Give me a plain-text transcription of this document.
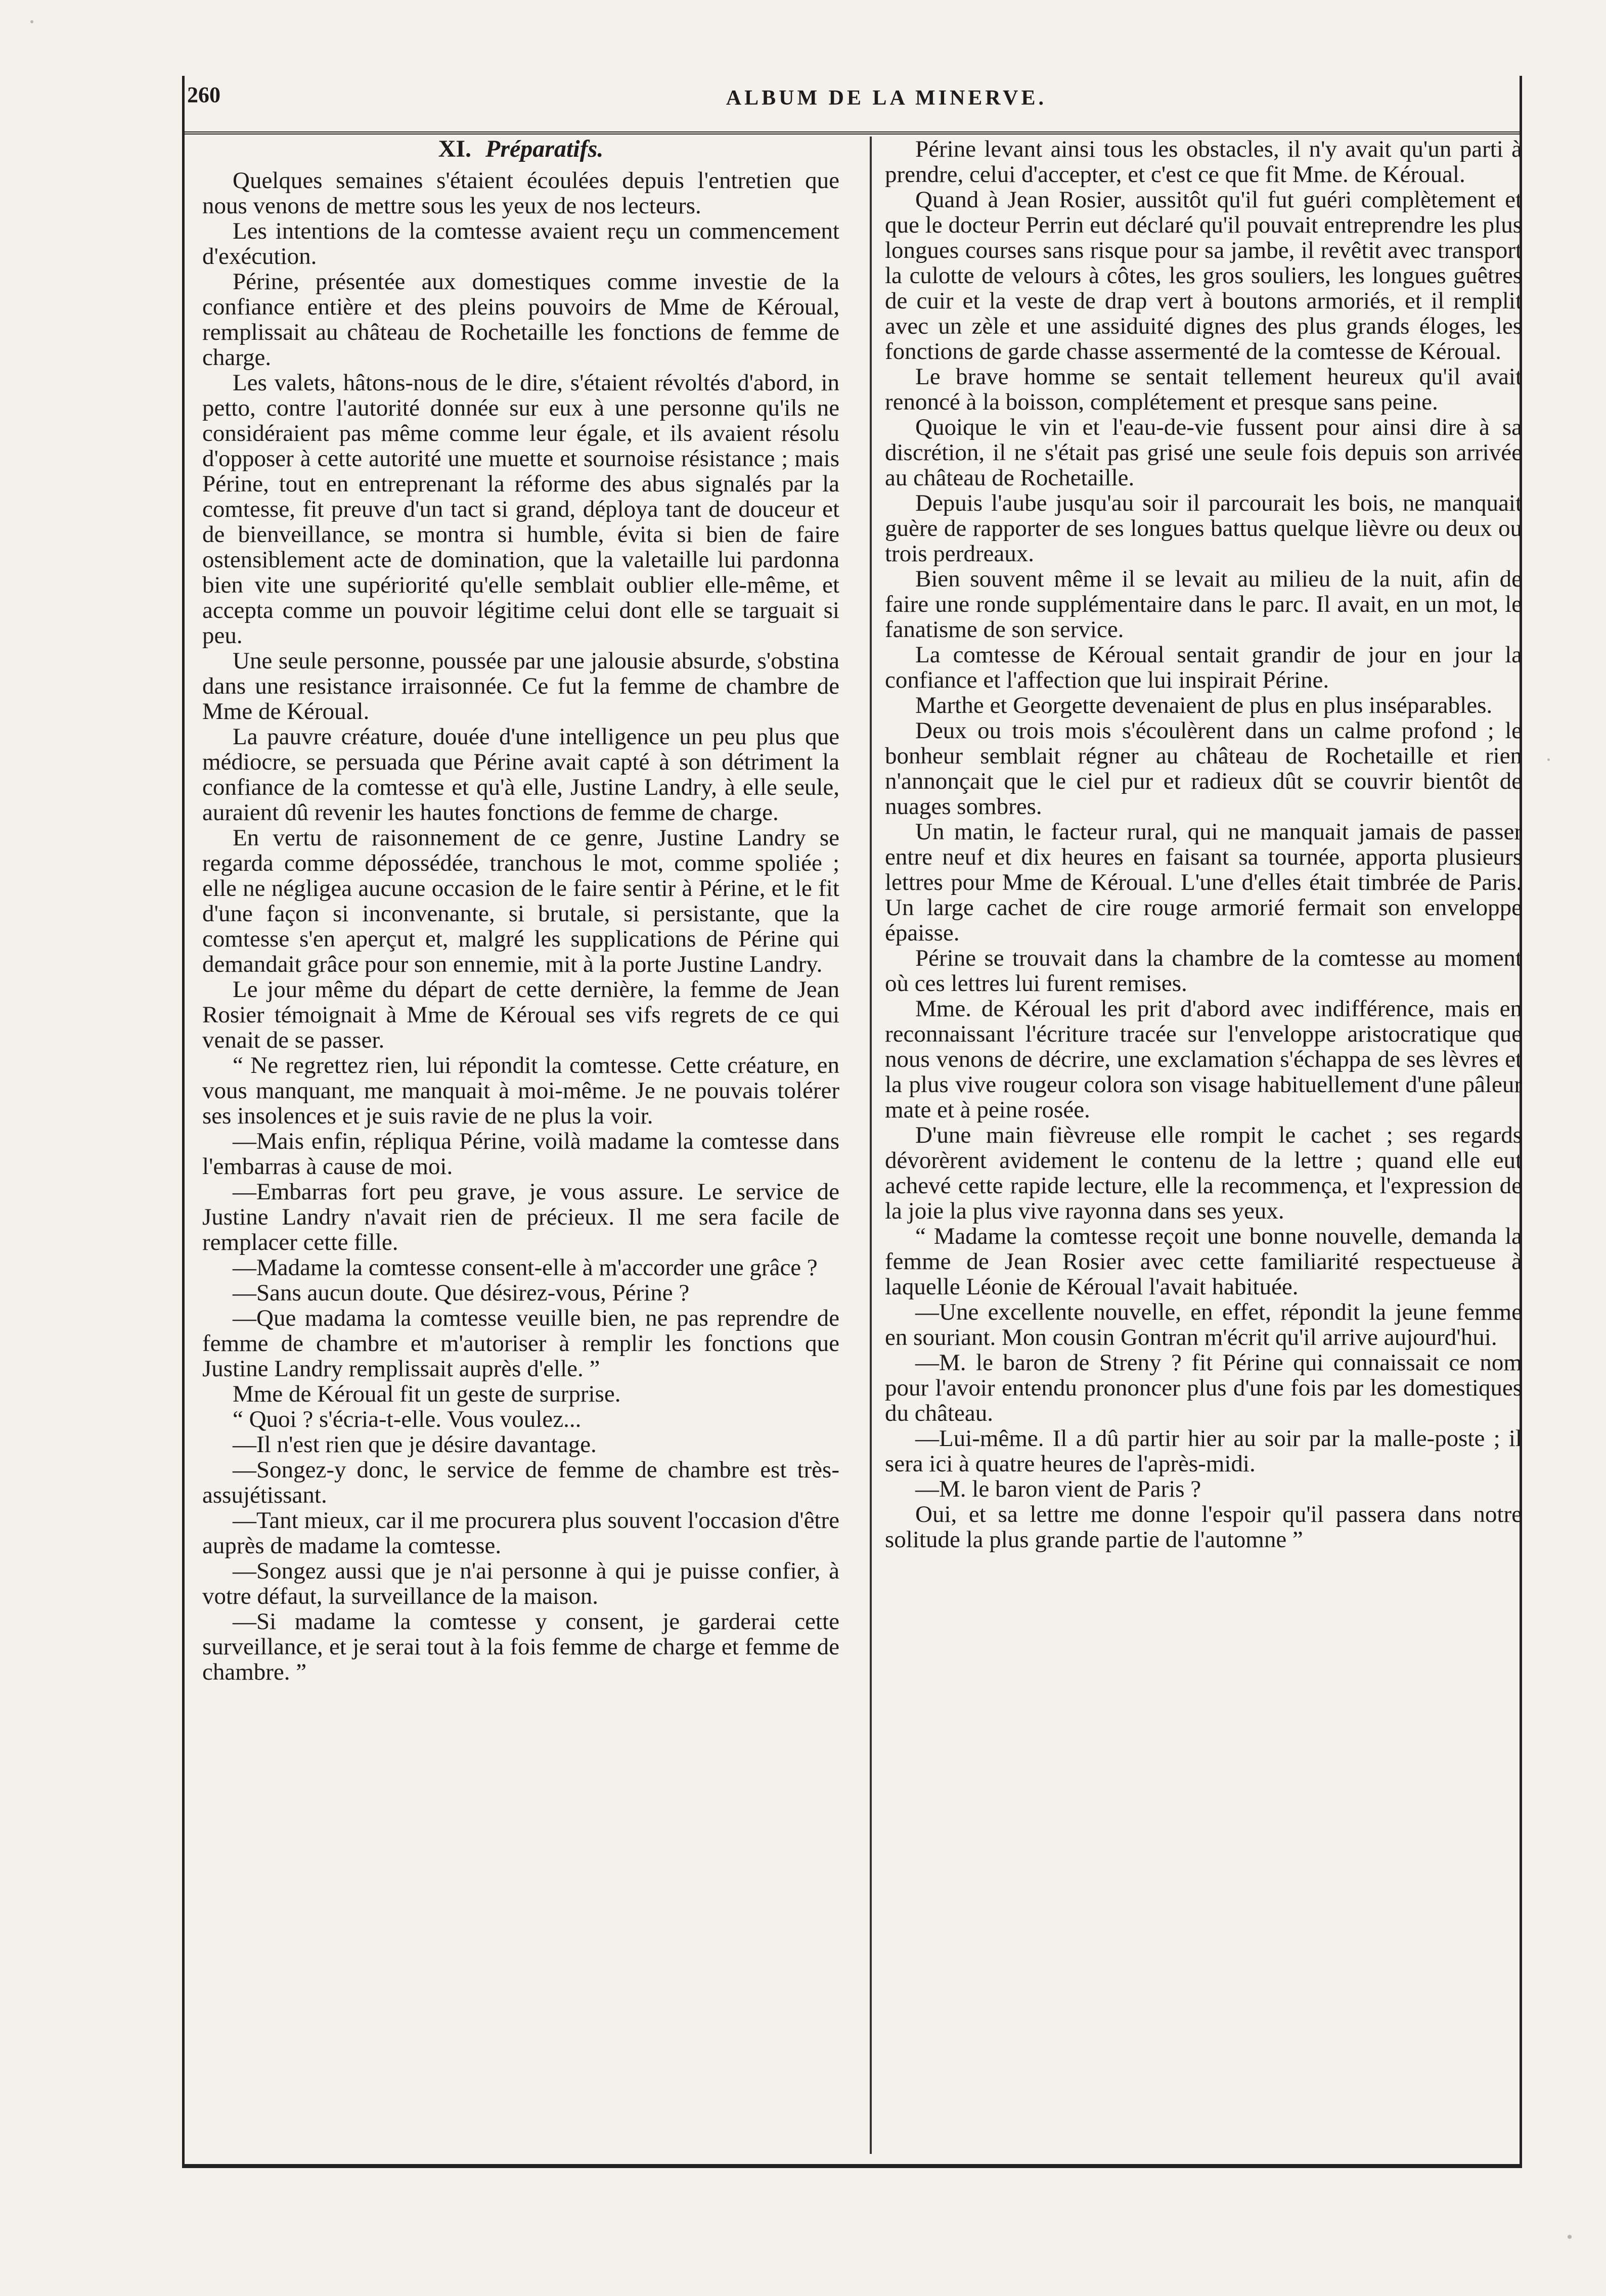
260	ALBUM DE LA MINERVE.
XI. Préparatifs.

Quelques semaines s'étaient écoulées depuis l'entretien que nous venons de mettre sous les yeux de nos lecteurs.

Les intentions de la comtesse avaient reçu un commencement d'exécution.

Périne, présentée aux domestiques comme investie de la confiance entière et des pleins pouvoirs de Mme de Kéroual, remplissait au château de Rochetaille les fonctions de femme de charge.

Les valets, hâtons-nous de le dire, s'étaient révoltés d'abord, in petto, contre l'autorité donnée sur eux à une personne qu'ils ne considéraient pas même comme leur égale, et ils avaient résolu d'opposer à cette autorité une muette et sournoise résistance ; mais Périne, tout en entreprenant la réforme des abus signalés par la comtesse, fit preuve d'un tact si grand, déploya tant de douceur et de bienveillance, se montra si humble, évita si bien de faire ostensiblement acte de domination, que la valetaille lui pardonna bien vite une supériorité qu'elle semblait oublier elle-même, et accepta comme un pouvoir légitime celui dont elle se targuait si peu.

Une seule personne, poussée par une jalousie absurde, s'obstina dans une resistance irraisonnée. Ce fut la femme de chambre de Mme de Kéroual.

La pauvre créature, douée d'une intelligence un peu plus que médiocre, se persuada que Périne avait capté à son détriment la confiance de la comtesse et qu'à elle, Justine Landry, à elle seule, auraient dû revenir les hautes fonctions de femme de charge.

En vertu de raisonnement de ce genre, Justine Landry se regarda comme dépossédée, tranchous le mot, comme spoliée ; elle ne négligea aucune occasion de le faire sentir à Périne, et le fit d'une façon si inconvenante, si brutale, si persistante, que la comtesse s'en aperçut et, malgré les supplications de Périne qui demandait grâce pour son ennemie, mit à la porte Justine Landry.

Le jour même du départ de cette dernière, la femme de Jean Rosier témoignait à Mme de Kéroual ses vifs regrets de ce qui venait de se passer.

“ Ne regrettez rien, lui répondit la comtesse. Cette créature, en vous manquant, me manquait à moi-même. Je ne pouvais tolérer ses insolences et je suis ravie de ne plus la voir.

—Mais enfin, répliqua Périne, voilà madame la comtesse dans l'embarras à cause de moi.

—Embarras fort peu grave, je vous assure. Le service de Justine Landry n'avait rien de précieux. Il me sera facile de remplacer cette fille.

—Madame la comtesse consent-elle à m'accorder une grâce ?

—Sans aucun doute. Que désirez-vous, Périne ?

—Que madama la comtesse veuille bien, ne pas reprendre de femme de chambre et m'autoriser à remplir les fonctions que Justine Landry remplissait auprès d'elle. ”

Mme de Kéroual fit un geste de surprise.

“ Quoi ? s'écria-t-elle. Vous voulez...

—Il n'est rien que je désire davantage.

—Songez-y donc, le service de femme de chambre est très-assujétissant.

—Tant mieux, car il me procurera plus souvent l'occasion d'être auprès de madame la comtesse.

—Songez aussi que je n'ai personne à qui je puisse confier, à votre défaut, la surveillance de la maison.

—Si madame la comtesse y consent, je garderai cette surveillance, et je serai tout à la fois femme de charge et femme de chambre. ”

Périne levant ainsi tous les obstacles, il n'y avait qu'un parti à prendre, celui d'accepter, et c'est ce que fit Mme. de Kéroual.

Quand à Jean Rosier, aussitôt qu'il fut guéri complètement et que le docteur Perrin eut déclaré qu'il pouvait entreprendre les plus longues courses sans risque pour sa jambe, il revêtit avec transport la culotte de velours à côtes, les gros souliers, les longues guêtres de cuir et la veste de drap vert à boutons armoriés, et il remplit avec un zèle et une assiduité dignes des plus grands éloges, les fonctions de garde chasse assermenté de la comtesse de Kéroual.

Le brave homme se sentait tellement heureux qu'il avait renoncé à la boisson, complétement et presque sans peine.

Quoique le vin et l'eau-de-vie fussent pour ainsi dire à sa discrétion, il ne s'était pas grisé une seule fois depuis son arrivée au château de Rochetaille.

Depuis l'aube jusqu'au soir il parcourait les bois, ne manquait guère de rapporter de ses longues battus quelque lièvre ou deux ou trois perdreaux.

Bien souvent même il se levait au milieu de la nuit, afin de faire une ronde supplémentaire dans le parc. Il avait, en un mot, le fanatisme de son service.

La comtesse de Kéroual sentait grandir de jour en jour la confiance et l'affection que lui inspirait Périne.

Marthe et Georgette devenaient de plus en plus inséparables.

Deux ou trois mois s'écoulèrent dans un calme profond ; le bonheur semblait régner au château de Rochetaille et rien n'annonçait que le ciel pur et radieux dût se couvrir bientôt de nuages sombres.

Un matin, le facteur rural, qui ne manquait jamais de passer entre neuf et dix heures en faisant sa tournée, apporta plusieurs lettres pour Mme de Kéroual. L'une d'elles était timbrée de Paris. Un large cachet de cire rouge armorié fermait son enveloppe épaisse.

Périne se trouvait dans la chambre de la comtesse au moment où ces lettres lui furent remises.

Mme. de Kéroual les prit d'abord avec indifférence, mais en reconnaissant l'écriture tracée sur l'enveloppe aristocratique que nous venons de décrire, une exclamation s'échappa de ses lèvres et la plus vive rougeur colora son visage habituellement d'une pâleur mate et à peine rosée.

D'une main fièvreuse elle rompit le cachet ; ses regards dévorèrent avidement le contenu de la lettre ; quand elle eut achevé cette rapide lecture, elle la recommença, et l'expression de la joie la plus vive rayonna dans ses yeux.

“ Madame la comtesse reçoit une bonne nouvelle, demanda la femme de Jean Rosier avec cette familiarité respectueuse à laquelle Léonie de Kéroual l'avait habituée.

—Une excellente nouvelle, en effet, répondit la jeune femme en souriant. Mon cousin Gontran m'écrit qu'il arrive aujourd'hui.

—M. le baron de Streny ? fit Périne qui connaissait ce nom pour l'avoir entendu prononcer plus d'une fois par les domestiques du château.

—Lui-même. Il a dû partir hier au soir par la malle-poste ; il sera ici à quatre heures de l'après-midi.

—M. le baron vient de Paris ?

Oui, et sa lettre me donne l'espoir qu'il passera dans notre solitude la plus grande partie de l'automne ”
